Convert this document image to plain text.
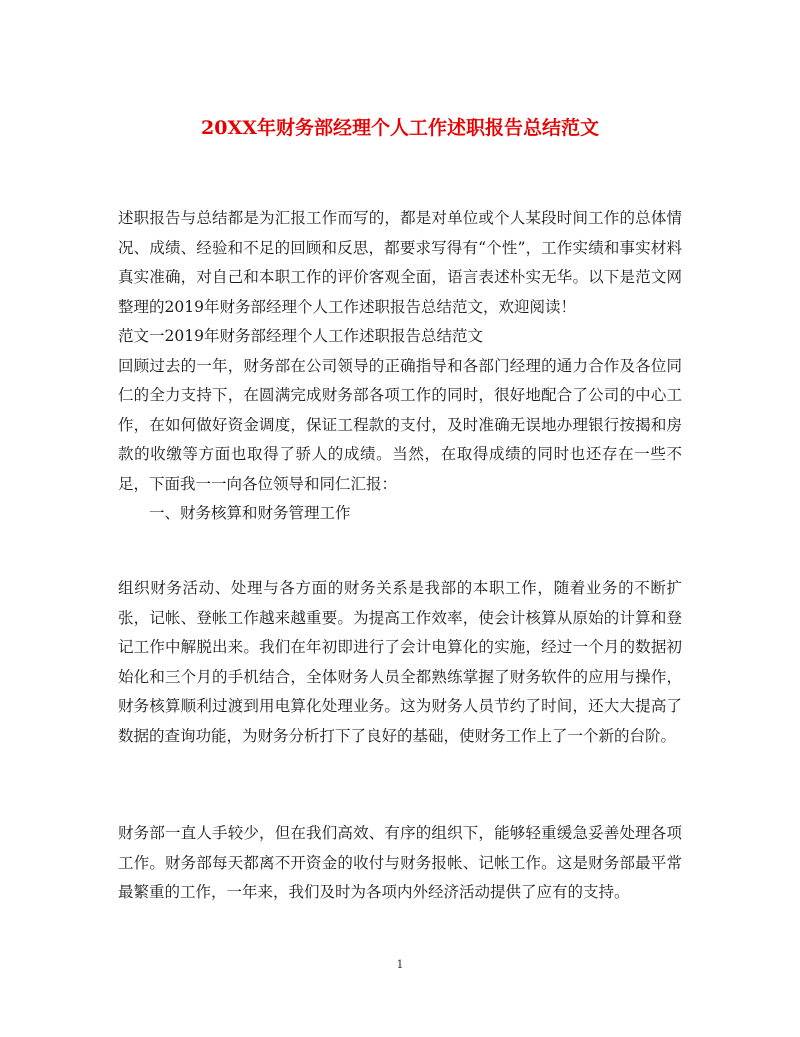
20XX年财务部经理个人工作述职报告总结范文

述职报告与总结都是为汇报工作而写的，都是对单位或个人某段时间工作的总体情况、成绩、经验和不足的回顾和反思，都要求写得有“个性”，工作实绩和事实材料真实准确，对自己和本职工作的评价客观全面，语言表述朴实无华。以下是范文网整理的2019年财务部经理个人工作述职报告总结范文，欢迎阅读！

范文一2019年财务部经理个人工作述职报告总结范文

回顾过去的一年，财务部在公司领导的正确指导和各部门经理的通力合作及各位同仁的全力支持下，在圆满完成财务部各项工作的同时，很好地配合了公司的中心工作，在如何做好资金调度，保证工程款的支付，及时准确无误地办理银行按揭和房款的收缴等方面也取得了骄人的成绩。当然，在取得成绩的同时也还存在一些不足，下面我一一向各位领导和同仁汇报：

一、财务核算和财务管理工作

组织财务活动、处理与各方面的财务关系是我部的本职工作，随着业务的不断扩张，记帐、登帐工作越来越重要。为提高工作效率，使会计核算从原始的计算和登记工作中解脱出来。我们在年初即进行了会计电算化的实施，经过一个月的数据初始化和三个月的手机结合，全体财务人员全都熟练掌握了财务软件的应用与操作，财务核算顺利过渡到用电算化处理业务。这为财务人员节约了时间，还大大提高了数据的查询功能，为财务分析打下了良好的基础，使财务工作上了一个新的台阶。

财务部一直人手较少，但在我们高效、有序的组织下，能够轻重缓急妥善处理各项工作。财务部每天都离不开资金的收付与财务报帐、记帐工作。这是财务部最平常最繁重的工作，一年来，我们及时为各项内外经济活动提供了应有的支持。

1
